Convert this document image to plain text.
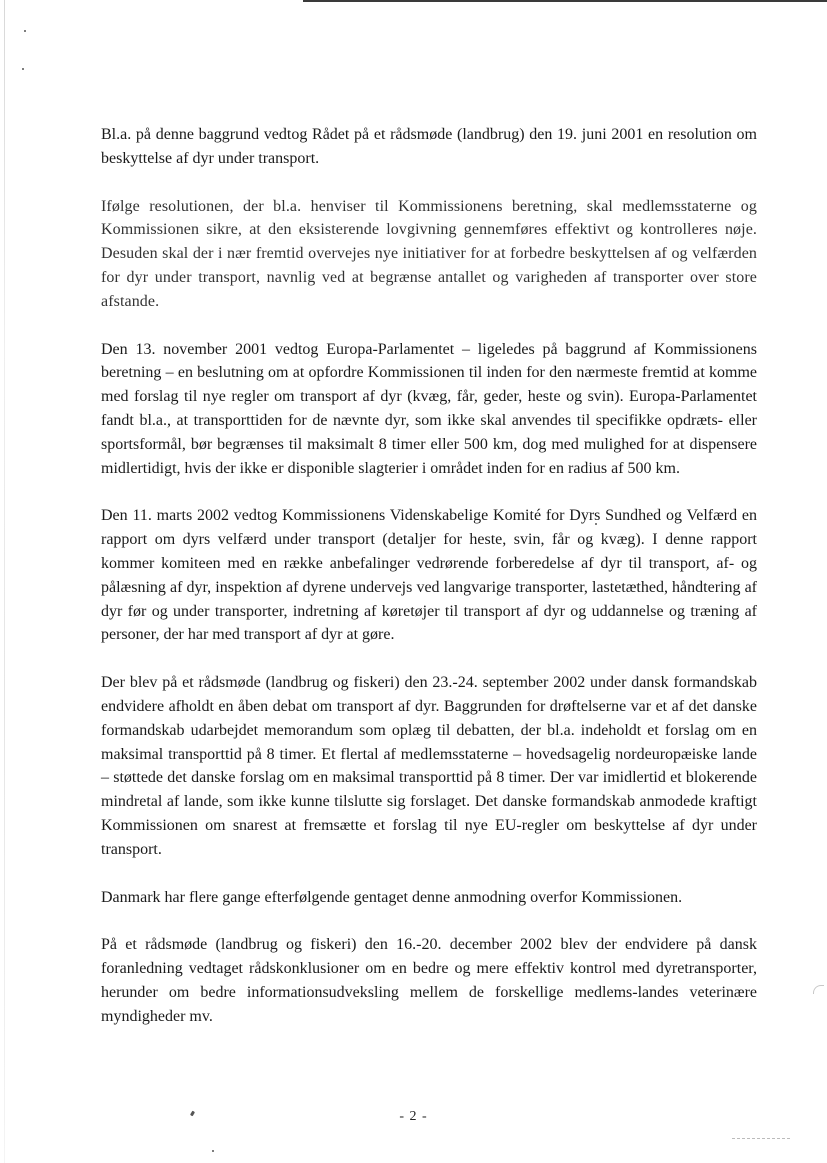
Bl.a. på denne baggrund vedtog Rådet på et rådsmøde (landbrug) den 19. juni 2001 en resolution om beskyttelse af dyr under transport.

Ifølge resolutionen, der bl.a. henviser til Kommissionens beretning, skal medlemsstaterne og Kommissionen sikre, at den eksisterende lovgivning gennemføres effektivt og kontrolleres nøje. Desuden skal der i nær fremtid overvejes nye initiativer for at forbedre beskyttelsen af og velfærden for dyr under transport, navnlig ved at begrænse antallet og varigheden af transporter over store afstande.

Den 13. november 2001 vedtog Europa-Parlamentet – ligeledes på baggrund af Kommissionens beretning – en beslutning om at opfordre Kommissionen til inden for den nærmeste fremtid at komme med forslag til nye regler om transport af dyr (kvæg, får, geder, heste og svin). Europa-Parlamentet fandt bl.a., at transporttiden for de nævnte dyr, som ikke skal anvendes til specifikke opdræts- eller sportsformål, bør begrænses til maksimalt 8 timer eller 500 km, dog med mulighed for at dispensere midlertidigt, hvis der ikke er disponible slagterier i området inden for en radius af 500 km.

Den 11. marts 2002 vedtog Kommissionens Videnskabelige Komité for Dyrs Sundhed og Velfærd en rapport om dyrs velfærd under transport (detaljer for heste, svin, får og kvæg). I denne rapport kommer komiteen med en række anbefalinger vedrørende forberedelse af dyr til transport, af- og pålæsning af dyr, inspektion af dyrene undervejs ved langvarige transporter, lastetæthed, håndtering af dyr før og under transporter, indretning af køretøjer til transport af dyr og uddannelse og træning af personer, der har med transport af dyr at gøre.

Der blev på et rådsmøde (landbrug og fiskeri) den 23.-24. september 2002 under dansk formandskab endvidere afholdt en åben debat om transport af dyr. Baggrunden for drøftelserne var et af det danske formandskab udarbejdet memorandum som oplæg til debatten, der bl.a. indeholdt et forslag om en maksimal transporttid på 8 timer. Et flertal af medlemsstaterne – hovedsagelig nordeuropæiske lande – støttede det danske forslag om en maksimal transporttid på 8 timer. Der var imidlertid et blokerende mindretal af lande, som ikke kunne tilslutte sig forslaget. Det danske formandskab anmodede kraftigt Kommissionen om snarest at fremsætte et forslag til nye EU-regler om beskyttelse af dyr under transport.

Danmark har flere gange efterfølgende gentaget denne anmodning overfor Kommissionen.

På et rådsmøde (landbrug og fiskeri) den 16.-20. december 2002 blev der endvidere på dansk foranledning vedtaget rådskonklusioner om en bedre og mere effektiv kontrol med dyretransporter, herunder om bedre informationsudveksling mellem de forskellige medlems-landes veterinære myndigheder mv.

- 2 -
